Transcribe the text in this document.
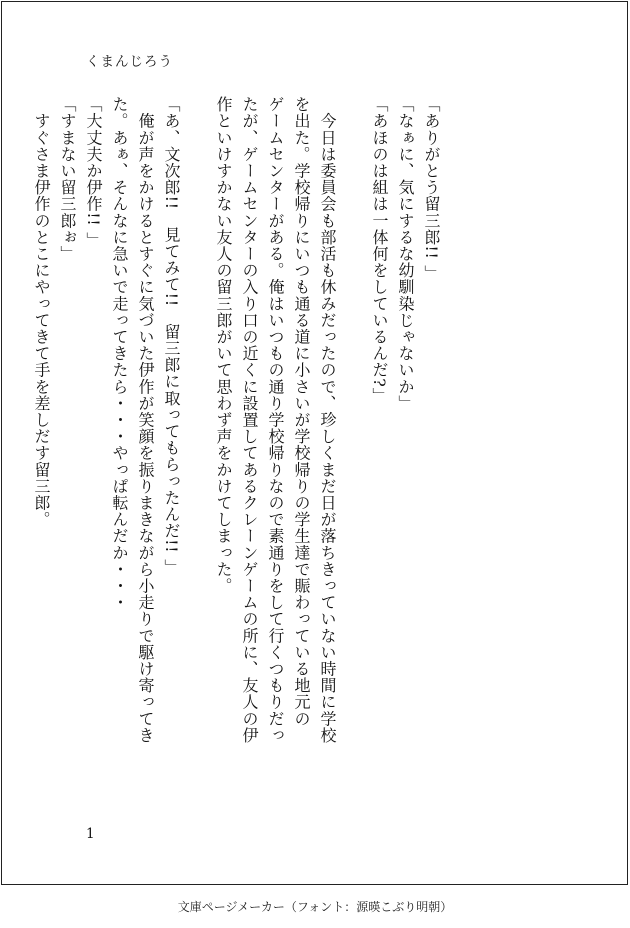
くまんじろう

「ありがとう留三郎!! 」

「なぁに、気にするな幼馴染じゃないか」

「あほのは組は一体何をしているんだ?」

　今日は委員会も部活も休みだったので、珍しくまだ日が落ちきっていない時間に学校

を出た。学校帰りにいつも通る道に小さいが学校帰りの学生達で賑わっている地元の

ゲームセンターがある。俺はいつもの通り学校帰りなので素通りをして行くつもりだっ

たが、ゲームセンターの入り口の近くに設置してあるクレーンゲームの所に、友人の伊

作といけすかない友人の留三郎がいて思わず声をかけてしまった。

「あ、文次郎!!　見てみて!!　留三郎に取ってもらったんだ!! 」

　俺が声をかけるとすぐに気づいた伊作が笑顔を振りまきながら小走りで駆け寄ってき

た。あぁ、そんなに急いで走ってきたら・・・やっぱ転んだか・・・

「大丈夫か伊作!! 」

「すまない留三郎ぉ」

　すぐさま伊作のとこにやってきて手を差しだす留三郎。

1
文庫ページメーカー（フォント：源暎こぶり明朝）
